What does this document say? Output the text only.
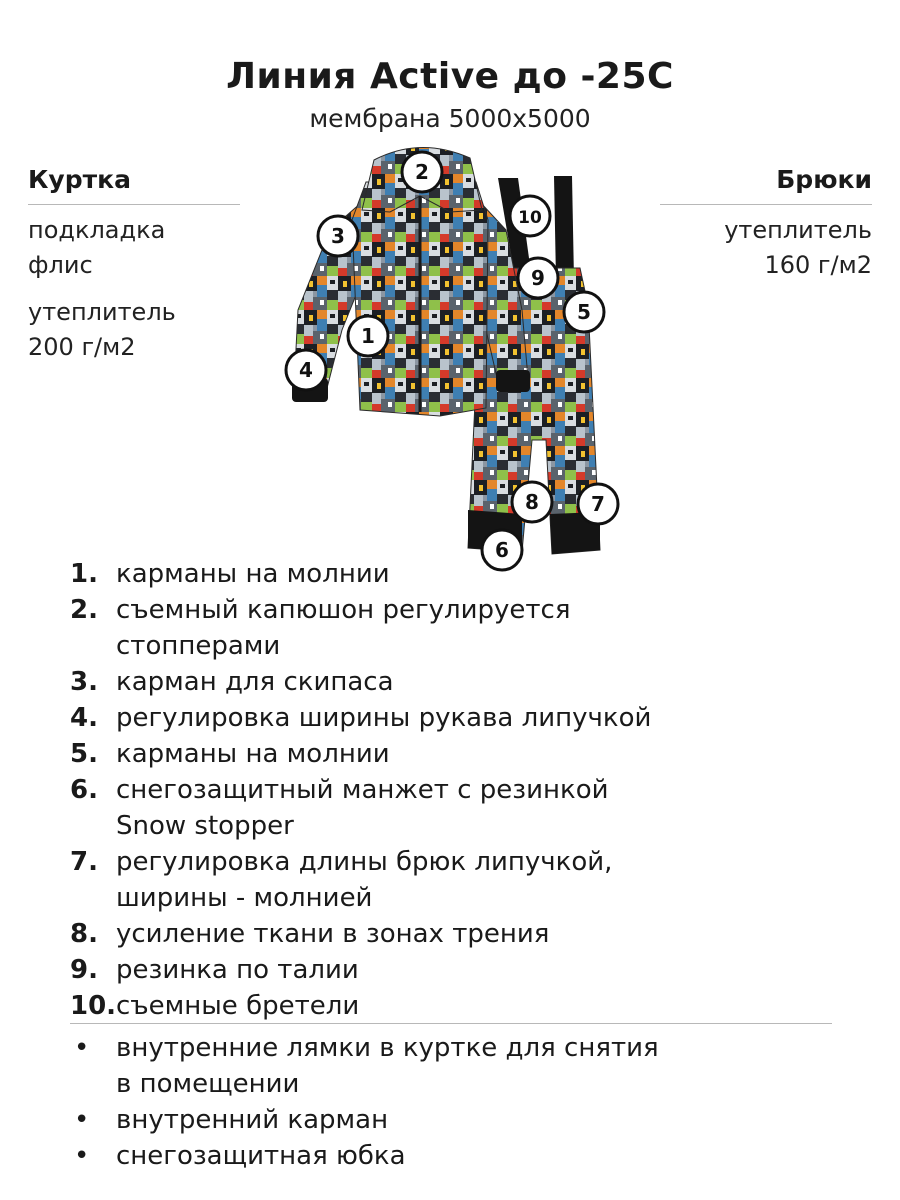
Линия Active до -25С
мембрана 5000х5000
Куртка
подкладка
флис
утеплитель
200 г/м2
Брюки
утеплитель
160 г/м2
1
2
3
4
5
6
7
8
9
10
1. карманы на молнии
2. съемный капюшон регулируется
стопперами
3. карман для скипаса
4. регулировка ширины рукава липучкой
5. карманы на молнии
6. снегозащитный манжет с резинкой
Snow stopper
7. регулировка длины брюк липучкой,
ширины - молнией
8. усиление ткани в зонах трения
9. резинка по талии
10. съемные бретели
•	внутренние лямки в куртке для снятия
в помещении
•	внутренний карман
•	снегозащитная юбка
